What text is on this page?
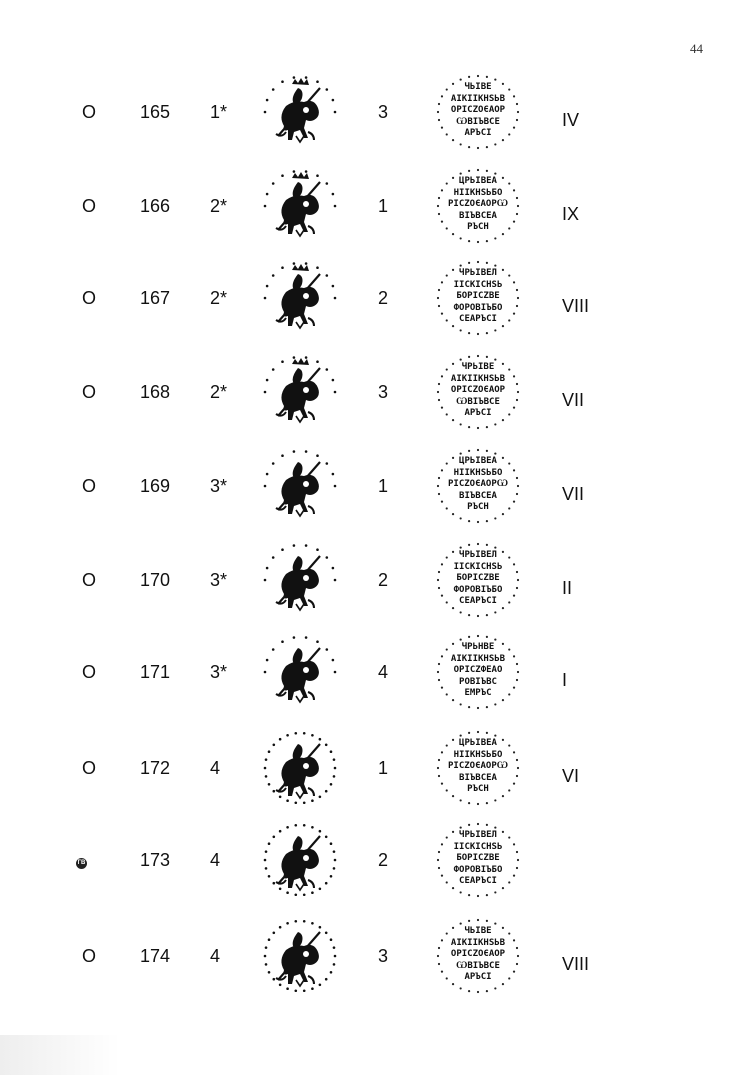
44
O 165 1*	3
ЧЬІВЕ
АІКІІКНЅЬВ
ОРІСZОЄАОР
ѠВІЪВСЕ
АРЪСІ
IV
O 166 2*	1
ЦРЬІВЕА
НІІКНЅЬБО
РІСZОЄАОРѠ
ВІЪВСЕА
РЪСН
IX
O 167 2*	2
ЧРЬІВЕЛ
ІІСКІСНЅЬ
БОРІСZВЕ
ФОРОВІЪБО
СЕАРЪСІ
VIII
O 168 2*	3
ЧРЬІВЕ
АІКІІКНЅЬВ
ОРІСZОЄАОР
ѠВІЪВСЕ
АРЪСІ
VII
O 169 3*	1
ЦРЬІВЕА
НІІКНЅЬБО
РІСZОЄАОРѠ
ВІЪВСЕА
РЪСН
VII
O 170 3*	2
ЧРЬІВЕЛ
ІІСКІСНЅЬ
БОРІСZВЕ
ФОРОВІЪБО
СЕАРЪСІ
II
O 171 3*	4
ЧРЬНВЕ
АІКІІКНЅЬВ
ОРІСZФЕАО
РОВІЪВС
ЕМРЪС
I
O 172 4	1
ЦРЬІВЕА
НІІКНЅЬБО
РІСZОЄАОРѠ
ВІЪВСЕА
РЪСН
VI
ГВ	173 4	2
ЧРЬІВЕЛ
ІІСКІСНЅЬ
БОРІСZВЕ
ФОРОВІЪБО
СЕАРЪСІ
O 174 4	3
ЧЬІВЕ
АІКІІКНЅЬВ
ОРІСZОЄАОР
ѠВІЪВСЕ
АРЪСІ
VIII
